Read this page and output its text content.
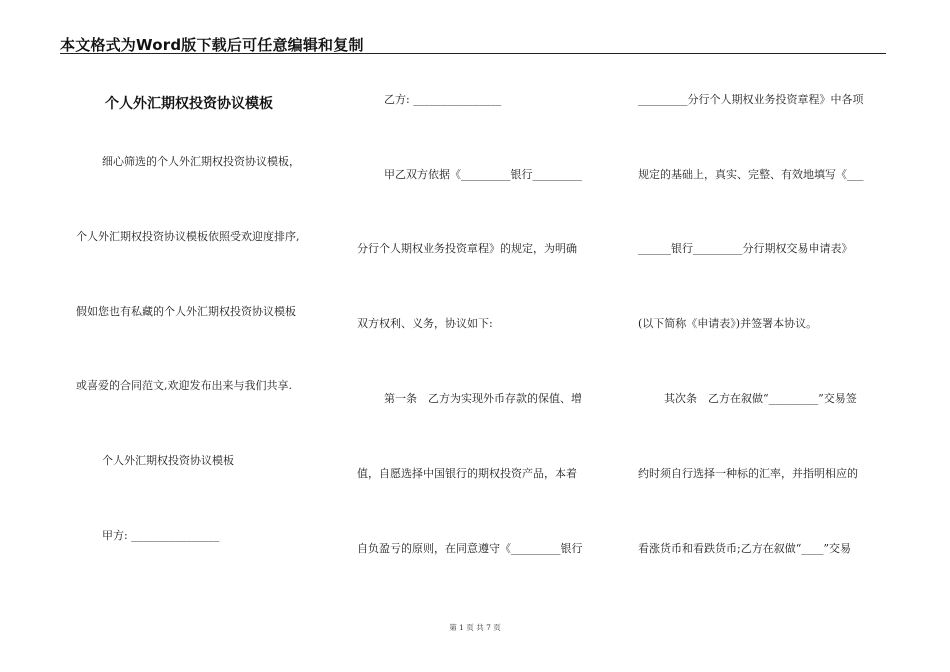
本文格式为Word版下载后可任意编辑和复制
个人外汇期权投资协议模板
细心筛选的个人外汇期权投资协议模板，
个人外汇期权投资协议模板依照受欢迎度排序,
假如您也有私藏的个人外汇期权投资协议模板
或喜爱的合同范文,欢迎发布出来与我们共享.
个人外汇期权投资协议模板
甲方: ________________
乙方: ________________
甲乙双方依据《_________银行_________
分行个人期权业务投资章程》的规定，为明确
双方权利、义务，协议如下:
第一条　乙方为实现外币存款的保值、增
值，自愿选择中国银行的期权投资产品，本着
自负盈亏的原则，在同意遵守《_________银行
_________分行个人期权业务投资章程》中各项
规定的基础上，真实、完整、有效地填写《___
______银行_________分行期权交易申请表》
(以下简称《申请表》)并签署本协议。
其次条　乙方在叙做“_________”交易签
约时须自行选择一种标的汇率，并指明相应的
看涨货币和看跌货币;乙方在叙做“____”交易
第 1 页 共 7 页
